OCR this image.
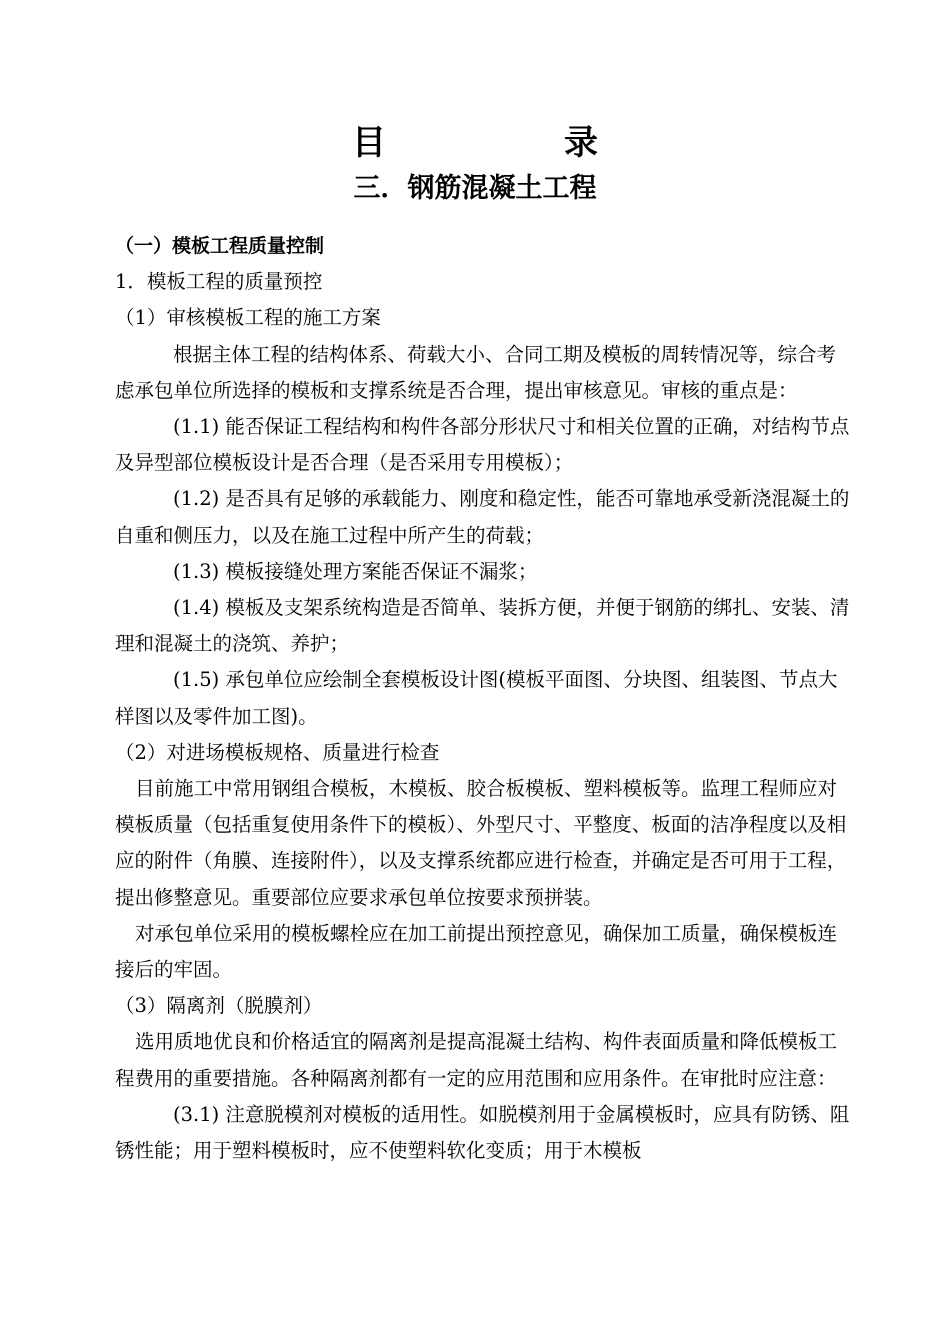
目　录
三．钢筋混凝土工程

（一）模板工程质量控制

1．模板工程的质量预控

（1）审核模板工程的施工方案

根据主体工程的结构体系、荷载大小、合同工期及模板的周转情况等，综合考虑承包单位所选择的模板和支撑系统是否合理，提出审核意见。审核的重点是：

(1.1) 能否保证工程结构和构件各部分形状尺寸和相关位置的正确，对结构节点及异型部位模板设计是否合理（是否采用专用模板）；

(1.2) 是否具有足够的承载能力、刚度和稳定性，能否可靠地承受新浇混凝土的自重和侧压力，以及在施工过程中所产生的荷载；

(1.3) 模板接缝处理方案能否保证不漏浆；

(1.4) 模板及支架系统构造是否简单、装拆方便，并便于钢筋的绑扎、安装、清理和混凝土的浇筑、养护；

(1.5) 承包单位应绘制全套模板设计图(模板平面图、分块图、组装图、节点大样图以及零件加工图)。

（2）对进场模板规格、质量进行检查

目前施工中常用钢组合模板，木模板、胶合板模板、塑料模板等。监理工程师应对模板质量（包括重复使用条件下的模板）、外型尺寸、平整度、板面的洁净程度以及相应的附件（角膜、连接附件），以及支撑系统都应进行检查，并确定是否可用于工程，提出修整意见。重要部位应要求承包单位按要求预拼装。

对承包单位采用的模板螺栓应在加工前提出预控意见，确保加工质量，确保模板连接后的牢固。

（3）隔离剂（脱膜剂）

选用质地优良和价格适宜的隔离剂是提高混凝土结构、构件表面质量和降低模板工程费用的重要措施。各种隔离剂都有一定的应用范围和应用条件。在审批时应注意：

(3.1) 注意脱模剂对模板的适用性。如脱模剂用于金属模板时，应具有防锈、阻锈性能；用于塑料模板时，应不使塑料软化变质；用于木模板
